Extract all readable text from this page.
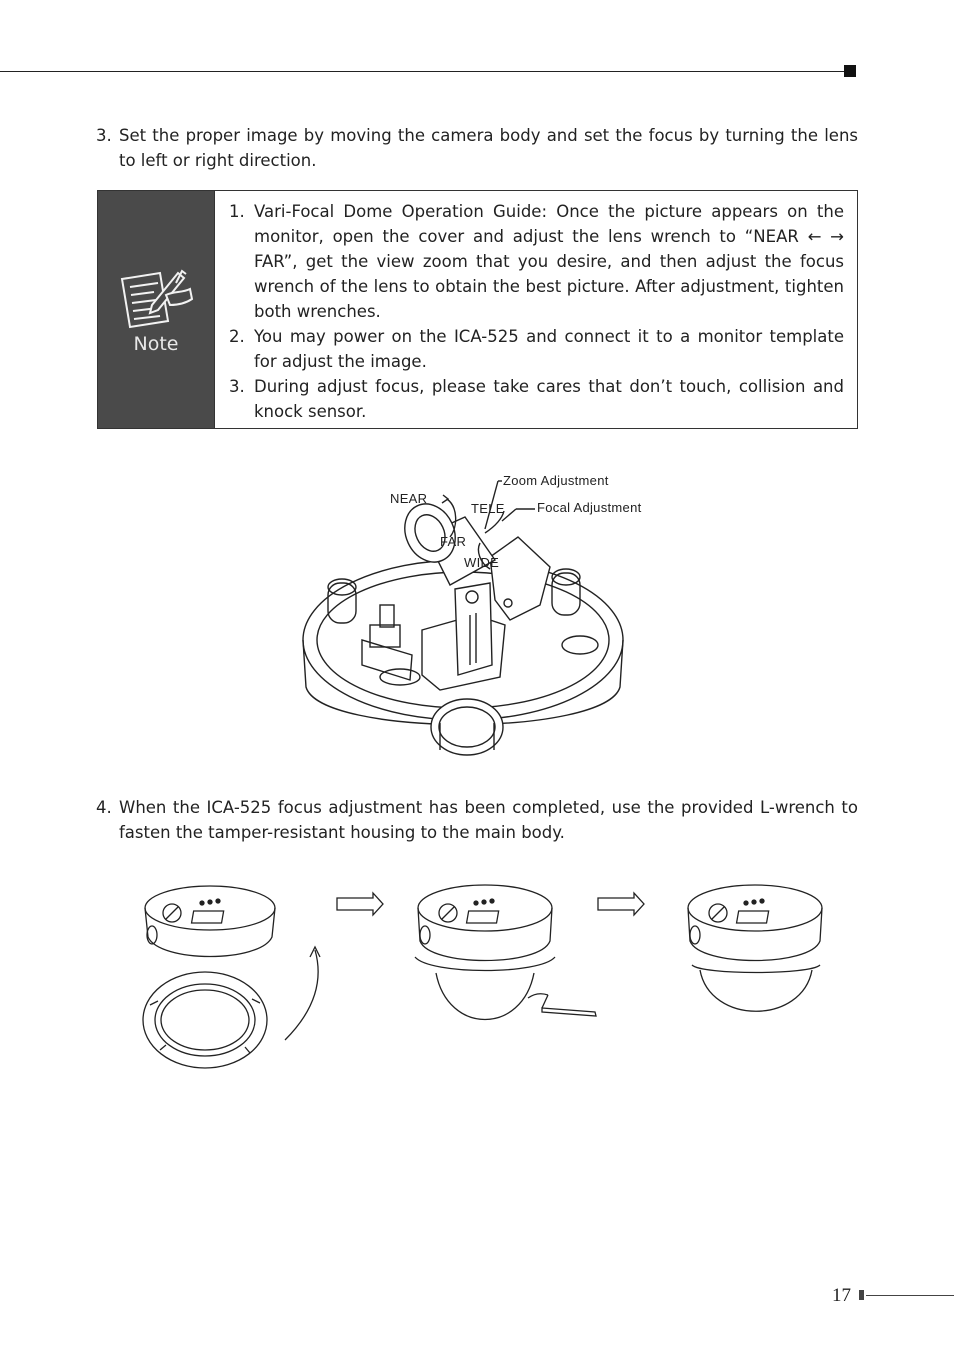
3. Set the proper image by moving the camera body and set the focus by turning the lens to left or right direction.
Note
1. Vari-Focal Dome Operation Guide: Once the picture appears on the monitor, open the cover and adjust the lens wrench to “NEAR ← → FAR”, get the view zoom that you desire, and then adjust the focus wrench of the lens to obtain the best picture. After adjustment, tighten both wrenches.
2. You may power on the ICA-525 and connect it to a monitor template for adjust the image.
3. During adjust focus, please take cares that don’t touch, collision and knock sensor.
Zoom Adjustment
NEAR
TELE Focal Adjustment
FAR
WIDE
4. When the ICA-525 focus adjustment has been completed, use the provided L-wrench to fasten the tamper-resistant housing to the main body.
17
